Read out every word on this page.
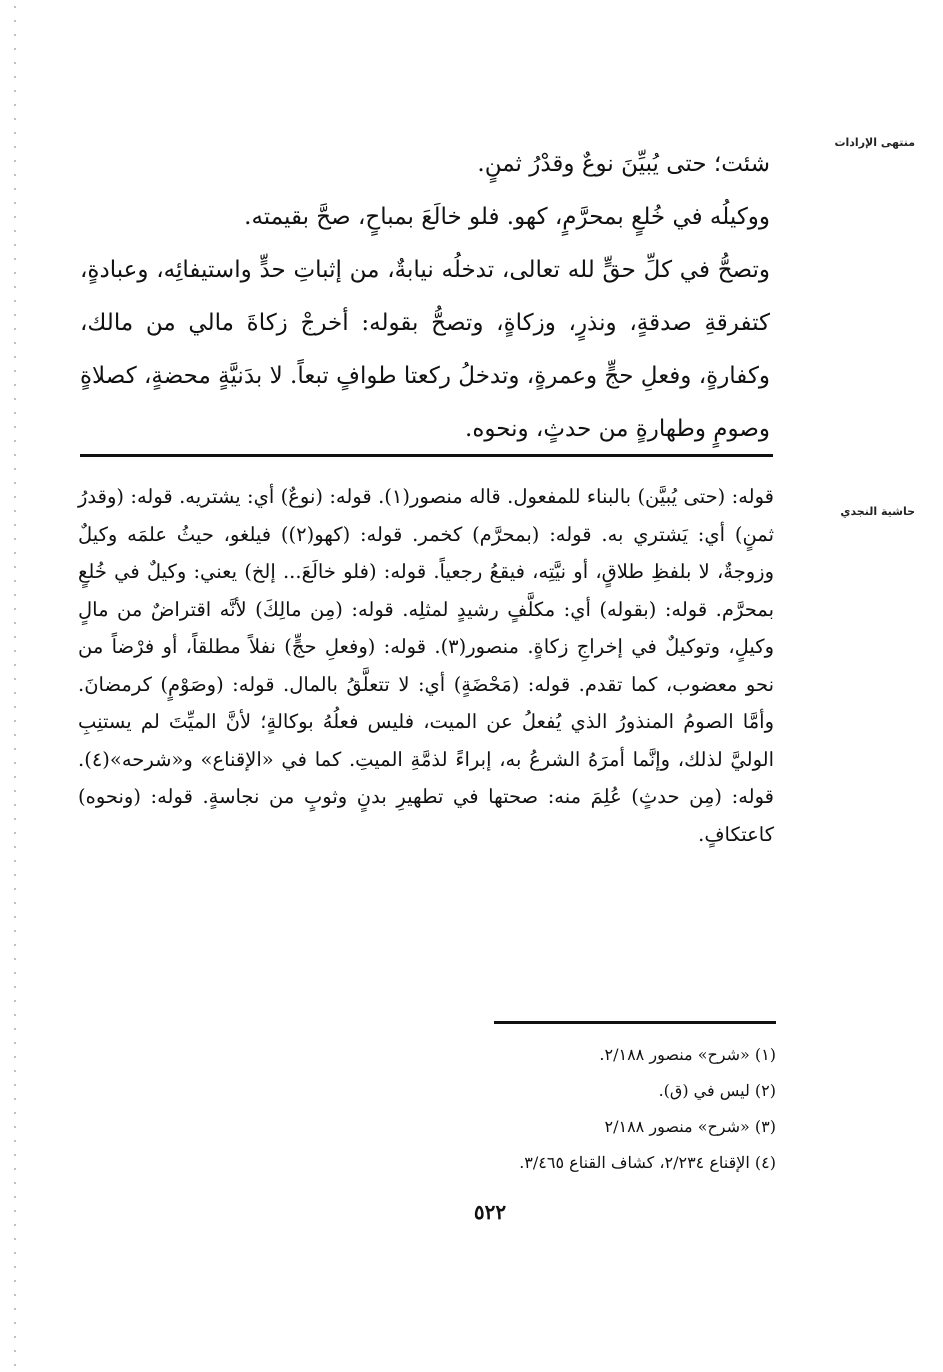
منتهى الإرادات
حاشية النجدي

شئت؛ حتى يُبيِّنَ نوعٌ وقدْرُ ثمنٍ.

ووكيلُه في خُلعٍ بمحرَّمٍ، كهو. فلو خالَعَ بمباحٍ، صحَّ بقيمته.

وتصحُّ في كلِّ حقٍّ لله تعالى، تدخلُه نيابةٌ، من إثباتِ حدٍّ واستيفائِه، وعبادةٍ، كتفرقةِ صدقةٍ، ونذرٍ، وزكاةٍ، وتصحُّ بقوله: أخرجْ زكاةَ مالي من مالك، وكفارةٍ، وفعلِ حجٍّ وعمرةٍ، وتدخلُ ركعتا طوافٍ تبعاً. لا بدَنيَّةٍ محضةٍ، كصلاةٍ وصومٍ وطهارةٍ من حدثٍ، ونحوه.

قوله: (حتى يُبيَّن) بالبناء للمفعول. قاله منصور(١). قوله: (نوعٌ) أي: يشتريه. قوله: (وقدرُ ثمنٍ) أي: يَشتري به. قوله: (بمحرَّم) كخمر. قوله: (كهو(٢)) فيلغو، حيثُ علمَه وكيلٌ وزوجةٌ، لا بلفظِ طلاقٍ، أو نيَّتِه، فيقعُ رجعياً. قوله: (فلو خالَعَ... إلخ) يعني: وكيلٌ في خُلعٍ بمحرَّم. قوله: (بقوله) أي: مكلَّفٍ رشيدٍ لمثلِه. قوله: (مِن مالِكَ) لأنَّه اقتراضٌ من مالٍ وكيلٍ، وتوكيلٌ في إخراجِ زكاةٍ. منصور(٣). قوله: (وفعلِ حجٍّ) نفلاً مطلقاً، أو فرْضاً من نحو معضوب، كما تقدم. قوله: (مَحْضَةٍ) أي: لا تتعلَّقُ بالمال. قوله: (وصَوْمٍ) كرمضانَ. وأمَّا الصومُ المنذورُ الذي يُفعلُ عن الميت، فليس فعلُهُ بوكالةٍ؛ لأنَّ الميِّتَ لم يستنِبِ الوليَّ لذلك، وإنَّما أمرَهُ الشرعُ به، إبراءً لذمَّةِ الميتِ. كما في «الإقناع» و«شرحه»(٤). قوله: (مِن حدثٍ) عُلِمَ منه: صحتها في تطهيرِ بدنٍ وثوبٍ من نجاسةٍ. قوله: (ونحوه) كاعتكافٍ.

(١) «شرح» منصور ٢/١٨٨.
(٢) ليس في (ق).
(٣) «شرح» منصور ٢/١٨٨
(٤) الإقناع ٢/٢٣٤، كشاف القناع ٣/٤٦٥.
٥٢٢
